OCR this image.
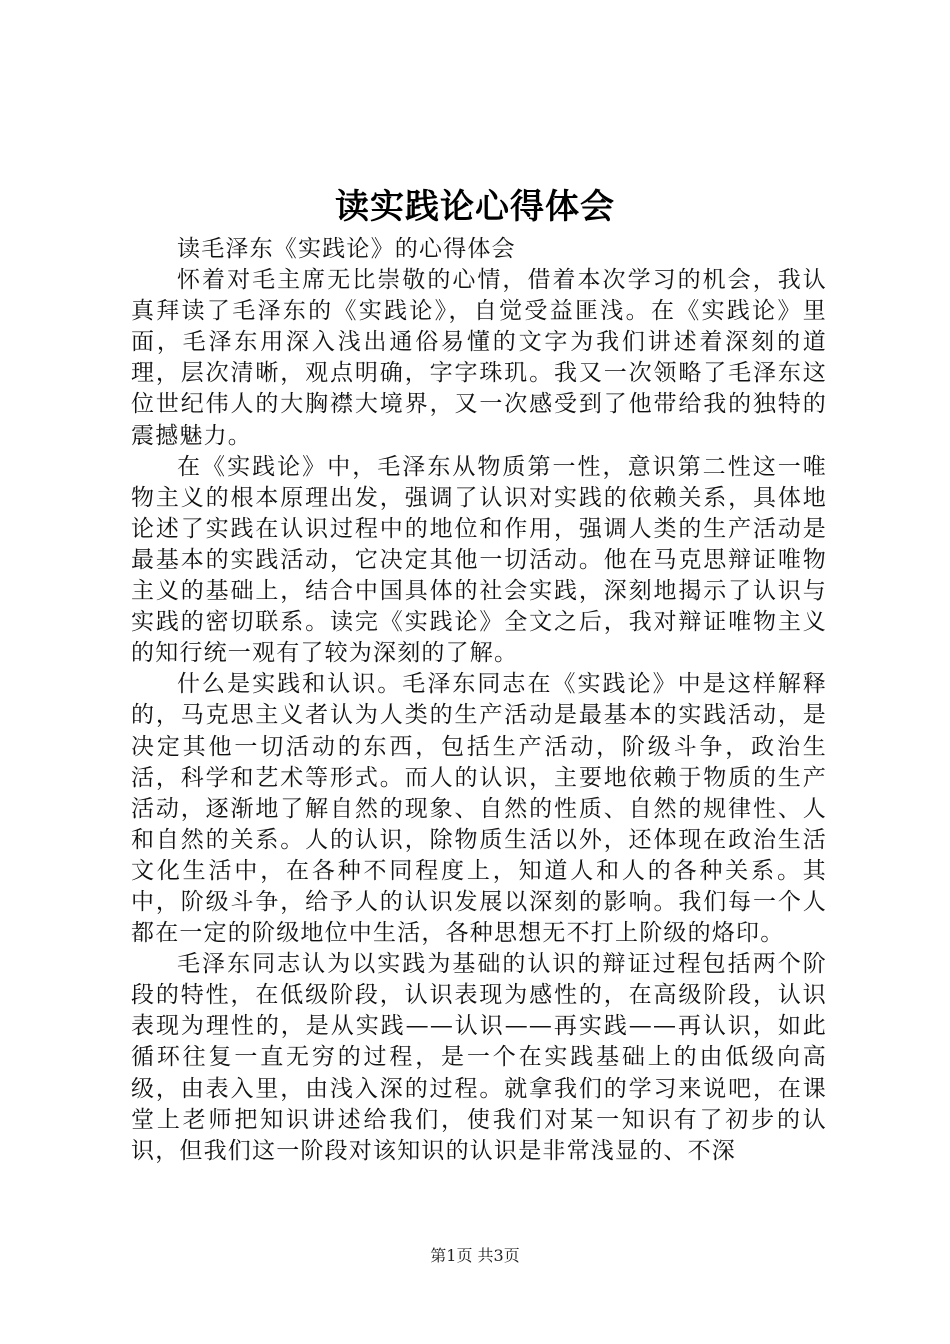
读实践论心得体会

读毛泽东《实践论》的心得体会

怀着对毛主席无比崇敬的心情，借着本次学习的机会，我认真拜读了毛泽东的《实践论》，自觉受益匪浅。在《实践论》里面，毛泽东用深入浅出通俗易懂的文字为我们讲述着深刻的道理，层次清晰，观点明确，字字珠玑。我又一次领略了毛泽东这位世纪伟人的大胸襟大境界，又一次感受到了他带给我的独特的震撼魅力。

在《实践论》中，毛泽东从物质第一性，意识第二性这一唯物主义的根本原理出发，强调了认识对实践的依赖关系，具体地论述了实践在认识过程中的地位和作用，强调人类的生产活动是最基本的实践活动，它决定其他一切活动。他在马克思辩证唯物主义的基础上，结合中国具体的社会实践，深刻地揭示了认识与实践的密切联系。读完《实践论》全文之后，我对辩证唯物主义的知行统一观有了较为深刻的了解。

什么是实践和认识。毛泽东同志在《实践论》中是这样解释的，马克思主义者认为人类的生产活动是最基本的实践活动，是决定其他一切活动的东西，包括生产活动，阶级斗争，政治生活，科学和艺术等形式。而人的认识，主要地依赖于物质的生产活动，逐渐地了解自然的现象、自然的性质、自然的规律性、人和自然的关系。人的认识，除物质生活以外，还体现在政治生活文化生活中，在各种不同程度上，知道人和人的各种关系。其中，阶级斗争，给予人的认识发展以深刻的影响。我们每一个人都在一定的阶级地位中生活，各种思想无不打上阶级的烙印。

毛泽东同志认为以实践为基础的认识的辩证过程包括两个阶段的特性，在低级阶段，认识表现为感性的，在高级阶段，认识表现为理性的，是从实践——认识——再实践——再认识，如此循环往复一直无穷的过程，是一个在实践基础上的由低级向高级，由表入里，由浅入深的过程。就拿我们的学习来说吧，在课堂上老师把知识讲述给我们，使我们对某一知识有了初步的认识，但我们这一阶段对该知识的认识是非常浅显的、不深

第1页 共3页
